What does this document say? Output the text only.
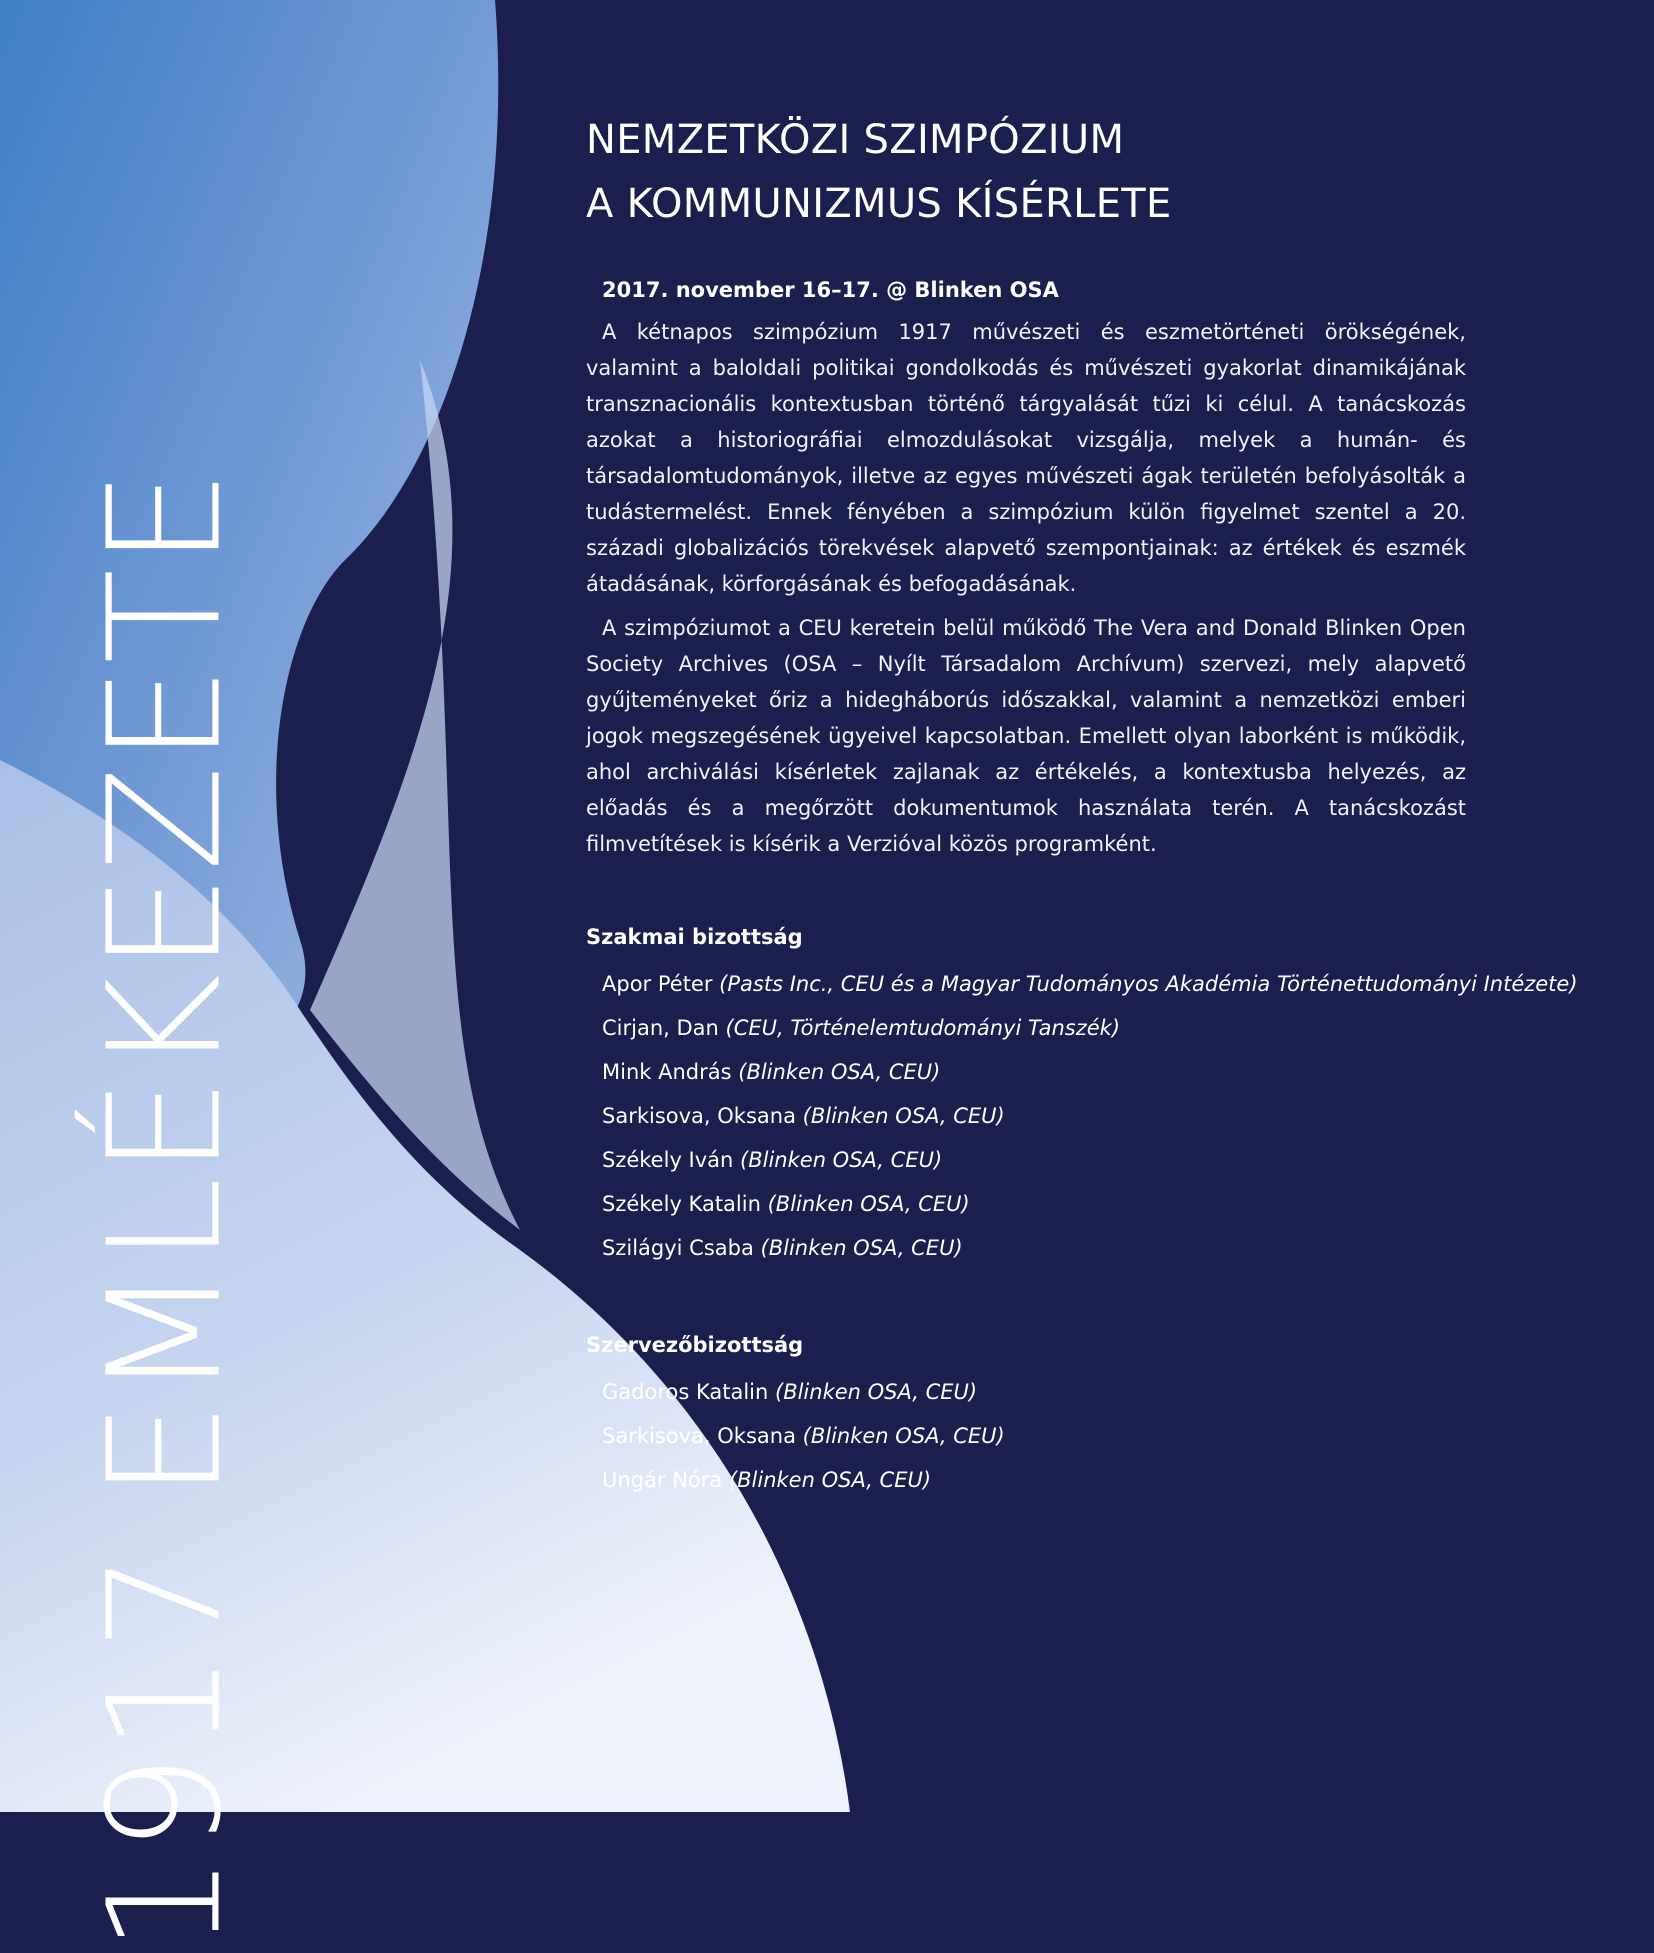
1917 EMLÉKEZETE
NEMZETKÖZI SZIMPÓZIUM
A KOMMUNIZMUS KÍSÉRLETE
2017. november 16–17. @ Blinken OSA

A kétnapos szimpózium 1917 művészeti és eszmetörténeti örökségének, valamint a baloldali politikai gondolkodás és művészeti gyakorlat dinamikájának transznacionális kontextusban történő tárgyalását tűzi ki célul. A tanácskozás azokat a historiográfiai elmozdulásokat vizsgálja, melyek a humán- és társadalomtudományok, illetve az egyes művészeti ágak területén befolyásolták a tudástermelést. Ennek fényében a szimpózium külön figyelmet szentel a 20. századi globalizációs törekvések alapvető szempontjainak: az értékek és eszmék átadásának, körforgásának és befogadásának.

A szimpóziumot a CEU keretein belül működő The Vera and Donald Blinken Open Society Archives (OSA – Nyílt Társadalom Archívum) szervezi, mely alapvető gyűjteményeket őriz a hidegháborús időszakkal, valamint a nemzetközi emberi jogok megszegésének ügyeivel kapcsolatban. Emellett olyan laborként is működik, ahol archiválási kísérletek zajlanak az értékelés, a kontextusba helyezés, az előadás és a megőrzött dokumentumok használata terén. A tanácskozást filmvetítések is kísérik a Verzióval közös programként.

Szakmai bizottság
Apor Péter (Pasts Inc., CEU és a Magyar Tudományos Akadémia Történettudományi Intézete)
Cirjan, Dan (CEU, Történelemtudományi Tanszék)
Mink András (Blinken OSA, CEU)
Sarkisova, Oksana (Blinken OSA, CEU)
Székely Iván (Blinken OSA, CEU)
Székely Katalin (Blinken OSA, CEU)
Szilágyi Csaba (Blinken OSA, CEU)
Szervezőbizottság
Gadoros Katalin (Blinken OSA, CEU)
Sarkisova, Oksana (Blinken OSA, CEU)
Ungár Nóra (Blinken OSA, CEU)
